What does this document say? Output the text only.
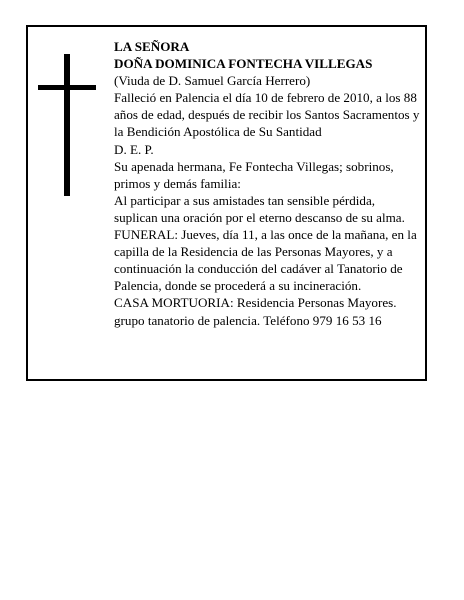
LA SEÑORA

DOÑA DOMINICA FONTECHA VILLEGAS

(Viuda de D. Samuel García Herrero)

Falleció en Palencia el día 10 de febrero de 2010, a los 88 años de edad, después de recibir los Santos Sacramentos y la Bendición Apostólica de Su Santidad

D. E. P.

Su apenada hermana, Fe Fontecha Villegas; sobrinos, primos y demás familia:

Al participar a sus amistades tan sensible pérdida, suplican una oración por el eterno descanso de su alma.

FUNERAL: Jueves, día 11, a las once de la mañana, en la capilla de la Residencia de las Personas Mayores, y a continuación la conducción del cadáver al Tanatorio de Palencia, donde se procederá a su incineración.

CASA MORTUORIA: Residencia Personas Mayores.

grupo tanatorio de palencia. Teléfono 979 16 53 16
